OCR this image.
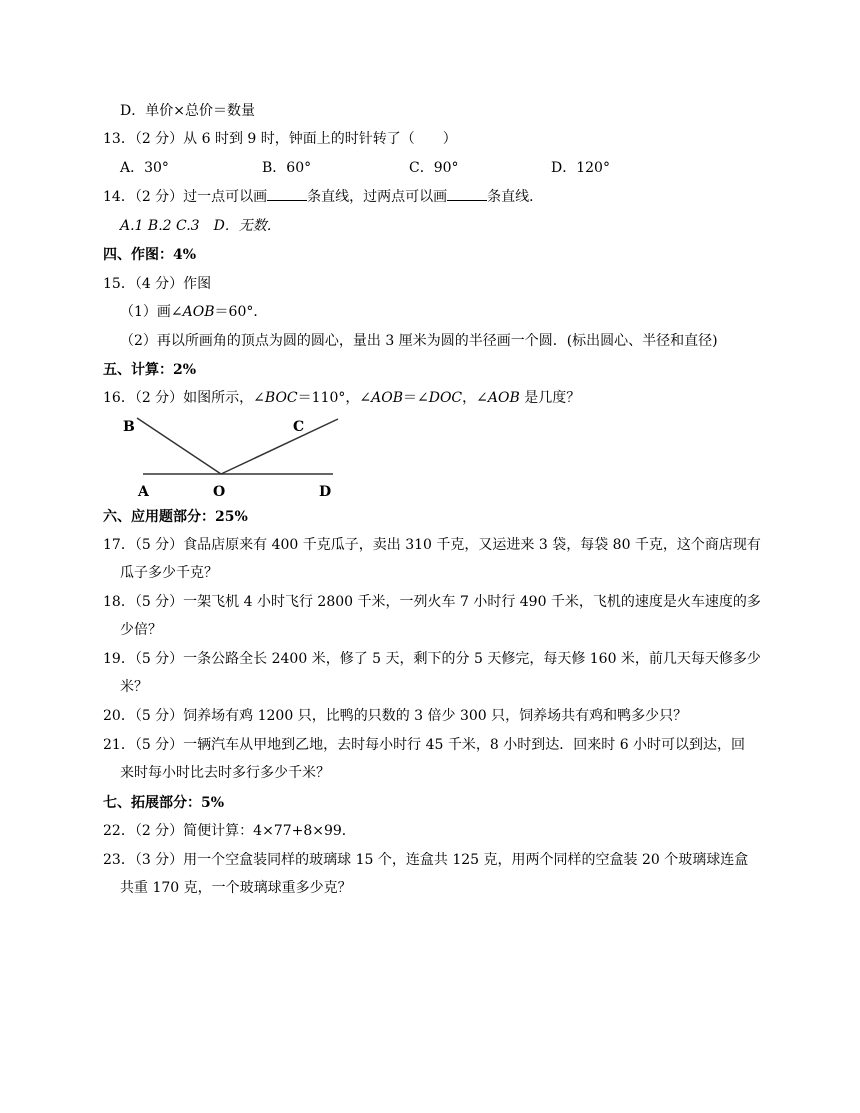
D．单价×总价＝数量
13．（2 分）从 6 时到 9 时，钟面上的时针转了（　　）
A．30°	B．60°	C．90°	D．120°
14．（2 分）过一点可以画	条直线，过两点可以画	条直线．
A.1 B.2 C.3　D．无数．
四、作图：4%
15．（4 分）作图
（1）画∠AOB＝60°．
（2）再以所画角的顶点为圆的圆心，量出 3 厘米为圆的半径画一个圆．(标出圆心、半径和直径)
五、计算：2%
16．（2 分）如图所示，∠BOC＝110°，∠AOB＝∠DOC，∠AOB 是几度？
B	C
A	O	D
六、应用题部分：25%
17．（5 分）食品店原来有 400 千克瓜子，卖出 310 千克，又运进来 3 袋，每袋 80 千克，这个商店现有
瓜子多少千克？
18．（5 分）一架飞机 4 小时飞行 2800 千米，一列火车 7 小时行 490 千米，飞机的速度是火车速度的多
少倍？
19．（5 分）一条公路全长 2400 米，修了 5 天，剩下的分 5 天修完，每天修 160 米，前几天每天修多少
米？
20．（5 分）饲养场有鸡 1200 只，比鸭的只数的 3 倍少 300 只，饲养场共有鸡和鸭多少只？
21．（5 分）一辆汽车从甲地到乙地，去时每小时行 45 千米，8 小时到达．回来时 6 小时可以到达，回
来时每小时比去时多行多少千米？
七、拓展部分：5%
22．（2 分）简便计算：4×77+8×99．
23．（3 分）用一个空盒装同样的玻璃球 15 个，连盒共 125 克，用两个同样的空盒装 20 个玻璃球连盒
共重 170 克，一个玻璃球重多少克？
